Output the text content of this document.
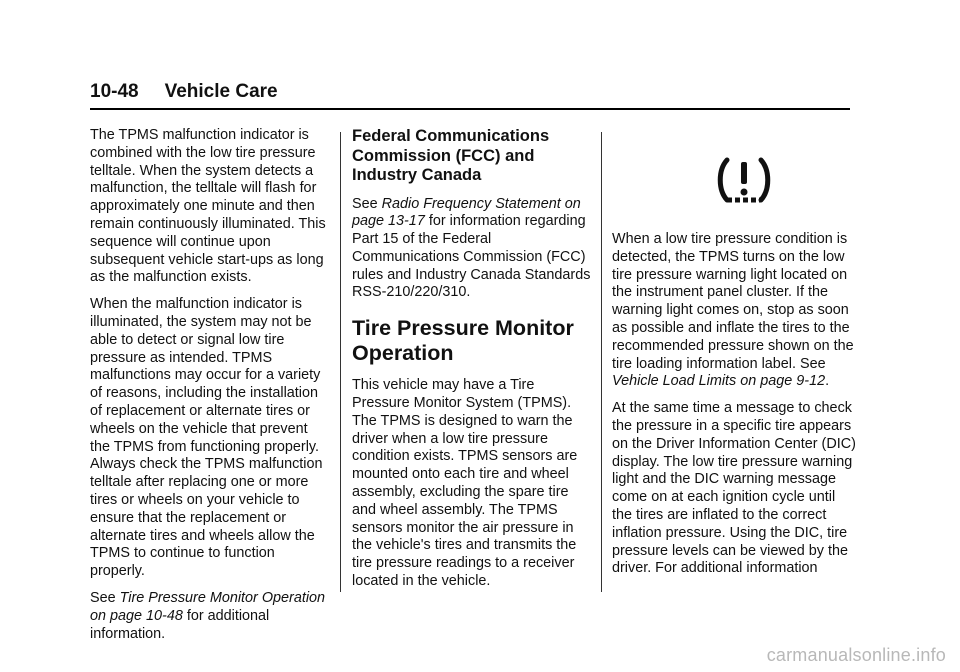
10-48 Vehicle Care

The TPMS malfunction indicator is combined with the low tire pressure telltale. When the system detects a malfunction, the telltale will flash for approximately one minute and then remain continuously illuminated. This sequence will continue upon subsequent vehicle start-ups as long as the malfunction exists.

When the malfunction indicator is illuminated, the system may not be able to detect or signal low tire pressure as intended. TPMS malfunctions may occur for a variety of reasons, including the installation of replacement or alternate tires or wheels on the vehicle that prevent the TPMS from functioning properly. Always check the TPMS malfunction telltale after replacing one or more tires or wheels on your vehicle to ensure that the replacement or alternate tires and wheels allow the TPMS to continue to function properly.

See Tire Pressure Monitor Operation on page 10-48 for additional information.

Federal Communications Commission (FCC) and Industry Canada

See Radio Frequency Statement on page 13-17 for information regarding Part 15 of the Federal Communications Commission (FCC) rules and Industry Canada Standards RSS-210/220/310.

Tire Pressure Monitor Operation

This vehicle may have a Tire Pressure Monitor System (TPMS). The TPMS is designed to warn the driver when a low tire pressure condition exists. TPMS sensors are mounted onto each tire and wheel assembly, excluding the spare tire and wheel assembly. The TPMS sensors monitor the air pressure in the vehicle's tires and transmits the tire pressure readings to a receiver located in the vehicle.

When a low tire pressure condition is detected, the TPMS turns on the low tire pressure warning light located on the instrument panel cluster. If the warning light comes on, stop as soon as possible and inflate the tires to the recommended pressure shown on the tire loading information label. See Vehicle Load Limits on page 9-12.

At the same time a message to check the pressure in a specific tire appears on the Driver Information Center (DIC) display. The low tire pressure warning light and the DIC warning message come on at each ignition cycle until the tires are inflated to the correct inflation pressure. Using the DIC, tire pressure levels can be viewed by the driver. For additional information

carmanualsonline.info
